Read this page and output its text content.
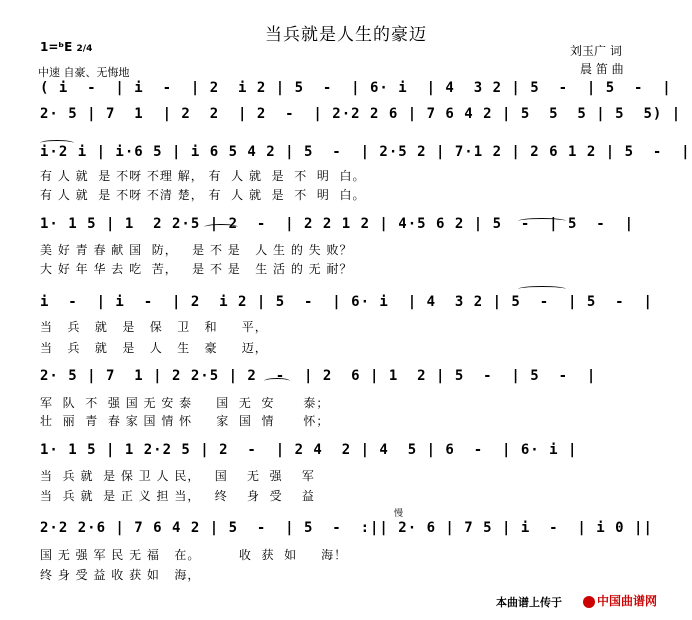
当兵就是人生的豪迈
1=ᵇE 2/4
中速 自豪、无悔地
刘玉广 词
晨 笛 曲
( i  -  | i  -  | 2  i 2 | 5  -  | 6· i  | 4  3 2 | 5  -  | 5  -  |
2· 5 | 7  1  | 2  2  | 2  -  | 2·2 2 6 | 7 6 4 2 | 5  5  5 | 5  5) |
i·2 i | i·6 5 | i 6 5 4 2 | 5  -  | 2·5 2 | 7·1 2 | 2 6 1 2 | 5  -  |
有 人 就  是 不呀 不理 解， 有  人 就  是  不  明  白。
有 人 就  是 不呀 不清 楚， 有  人 就  是  不  明  白。
1· 1 5 | 1  2 2·5 | 2  -  | 2 2 1 2 | 4·5 6 2 | 5  -  | 5  -  |
美 好 青 春 献 国  防，   是 不 是   人 生 的 失 败？
大 好 年 华 去 吃  苦，   是 不 是   生 活 的 无 耐？
i  -  | i  -  | 2  i 2 | 5  -  | 6· i  | 4  3 2 | 5  -  | 5  -  |
当   兵   就   是   保   卫   和     平，
当   兵   就   是   人   生   豪     迈，
2· 5 | 7  1 | 2 2·5 | 2  -  | 2  6 | 1  2 | 5  -  | 5  -  |
军  队  不  强 国 无 安 泰     国  无  安      泰；
壮  丽  青  春 家 国 情 怀     家  国  情      怀；
1· 1 5 | 1 2·2 5 | 2  -  | 2 4  2 | 4  5 | 6  -  | 6· i |
当  兵 就  是 保 卫 人 民，   国    无  强    军
当  兵 就  是 正 义 担 当，   终    身  受    益
慢
2·2 2·6 | 7 6 4 2 | 5  -  | 5  -  :|| 2· 6 | 7 5 | i  -  | i 0 ||
国 无 强 军 民 无 福   在。        收  获  如     海！
终 身 受 益 收 获 如   海，
本曲谱上传于	中国曲谱网
